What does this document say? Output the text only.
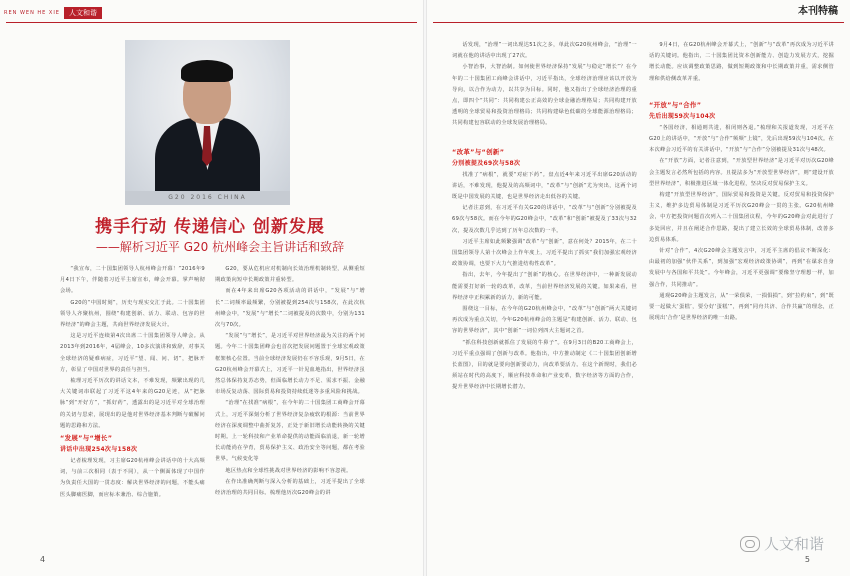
REN WEN HE XIE	人文和谐
G20 2016 CHINA
携手行动 传递信心 创新发展
——解析习近平 G20 杭州峰会主旨讲话和致辞

“我宣布，二十国集团领导人杭州峰会开幕！”2016年9月4日下午，伴随着习近平主席宣布，峰会开幕。掌声响彻会场。

G20的“中国时刻”，历史与现实交汇于此。二十国集团领导人齐聚杭州，围绕“构建创新、活力、联动、包容的世界经济”的峰会主题，共商世界经济发展大计。

这是习近平连续第4次出席二十国集团领导人峰会。从2013年到2016年，4届峰会，10多次演讲和致辞，对事关全球经济的疑难病症，习近平“望、闻、问、切”，把脉开方，彰显了中国对世界的责任与担当。

梳理习近平历次的讲话文本，不难发现，频繁出现的几大关键词串联起了习近平这4年来的G20足迹，从“把脉脉”到“开好方”，“抓好药”，透露出的是习近平对全球治理的关切与思索，展现出的是他对世界经济基本判断与破解问题的思路和方法。

“发展”与“增长”
讲话中出现254次与158次

记者梳理发现，习主席G20杭州峰会讲话中的十大高频词，与前三次相同（表于不同），从一个侧面体现了中国作为负责任大国的一贯态度：解决世界经济的问题，不能头痛医头脚痛医脚，而应标本兼治、综合施策。

G20，要从危机应对机制向长效治理机制转型，从侧重短期政策向短中长期政策并重转型。

而在4年来出席G20各项活动的讲话中，“发展”与“增长”二词频率最频繁，分别被提到254次与158次，在此次杭州峰会中，“发展”与“增长”二词被提及的次数中，分别为131次与70次。

“发展”与“增长”，是习近平对世界经济最为关注的两个问题。今年二十国集团峰会也首次把发展问题置于全球宏观政策框架核心位置。当前全球经济发展仍在不容乐观，9月5日，在G20杭州峰会开幕式上，习近平一针见血地指出，世界经济虽然总体保持复苏态势，但面临增长动力不足、需求不振、金融市场反复动荡、国际贸易和投资持续低迷等多重风险和挑战。

“治理”在找准“病根”，在今年的二十国集团工商峰会开幕式上，习近平深刻分析了世界经济复杂疲软的根源：当前世界经济在深度调整中曲折复苏，正处于新旧增长动能转换的关键时期。上一轮科技和产业革命提供的动能面临消退，新一轮增长动能尚在孕育，贸易保护主义、政治安全等问题，都在考验世界。气候变化等

地区热点和全球性挑战对世界经济的影响不容忽视。

在作出准确判断与深入分析的基础上，习近平提出了全球经济治理的共同目标。梳理他历次G20峰会的讲

4
本刊特稿

话发现，“治理”一词出现达51次之多，单此次G20杭州峰会，“治理”一词就在他的讲话中出现了27次。

小智治事，大智治制。如何使世界经济保持“发展”与稳定“增长”？在今年的二十国集团工商峰会讲话中，习近平指出，全球经济治理应该以开放为导向，以合作为动力，以共享为目标。同时，他又指出了全球经济治理的重点，即四个“共同”：共同构建公正高效的全球金融治理格局；共同构建开放透明的全球贸易和投资治理格局；共同构建绿色低碳的全球能源治理格局；共同构建包容联动的全球发展治理格局。

“改革”与“创新”
分别被提及69次与58次

找准了“病根”，就要“对症下药”。盘点近4年来习近平出席G20活动的讲话，不难发现，他提及的高频词中，“改革”与“创新”尤为突出，这两个词既是中国发展的关键，也是世界经济走出低谷的关键。

记者注意到，在习近平有关G20的讲话中，“改革”与“创新”分别被提及69次与58次。而在今年的G20峰会中，“改革”和“创新”被提及了33次与32次，提及次数几乎达到了历年总次数的一半。

习近平主席如此频繁强调“改革”与“创新”，意在何处？2015年，在二十国集团领导人第十次峰会上作年度上，习近平提出了抓实“我们加强宏观经济政策协调，也要下大力气推进结构性改革”。

指出，去年，今年提出了“创新”的核心。在世界经济中，一种新发展动能需要打好新一轮的改革，改革，当前世界经济发展的关键。如果来看，世界经济中正积累新的活力，新的可能。

围绕这一目标，在今年的G20杭州峰会中，“改革”与“创新”两大关键词再次成为重点关切，今年G20杭州峰会的主题是“构建创新、活力、联动、包容的世界经济”，其中“创新”一词位列四大主题词之首。

“抓住科技创新就抓住了发展的牛鼻子”。在9月3日的B20工商峰会上，习近平重点强调了创新与改革。他指出，中方推动制定《二十国集团创新增长蓝图》，目的就是要向创新要动力，向改革要活力。在这个新规时，我们必须站在时代的高度下，顺应科技革命和产业变革，数字经济等方面的合作，提升世界经济中长期增长潜力。

9月4日，在G20杭州峰会开幕式上，“创新”与“改革”再次成为习近平讲话的关键词。他指出，二十国集团比资本创新能力、创造力发展方式，挖掘增长动能。应该调整政策思路，做到短期政策和中长期政策并重，需求侧管理和供给侧改革并重。

“开放”与“合作”
先后出现59次与104次

“各国经济，相通则共进，相闭则各退。”梳理和关报道发现，习近平在G20上的讲话中，“开放”与“合作”频频“上镜”，先后出现59次与104次。在本次峰会习近平的有关讲话中，“开放”与“合作”分别被提及31次与48次。

在“开放”方面，记者注意到，“开放型世界经济”是习近平对历次G20峰会主题发言必然所包括的内容。且提法多为“开放型世界经济”，则“建设开放型世界经济”，积极推进区域一体化进程，坚决反对贸易保护主义。

构建“开放型世界经济”，国际贸易和投资是关键。反对贸易和投资保护主义，维护多边贸易体制是习近平历次G20峰会一贯的主张。G20杭州峰会，中方把投资问题首次列入二十国集团议程，今年的G20峰会对此进行了多处回应，并且在阐述合作思路，提出了建立长效的全球贸易体制，改善多边贸易体系。

针对“合作”，4次G20峰会主题发言中，习近平主席的倡议不断深化：由最初的加强“伙伴关系”，到加强“宏观经济政策协调”，再到“在谋求自身发展中与各国和平共处”。今年峰会，习近平更强调“要像坚守理想一样，加强合作，共同推动”。

通观G20峰会主题发言，从“一荣俱荣，一损俱损”，到“拉约束”，到“既要一起做大‘蛋糕’，要分好‘蛋糕’”，再到“同舟共济、合作共赢”的理念，正展现出‘合作’是世界经济的唯一出路。

人文和谐
5
